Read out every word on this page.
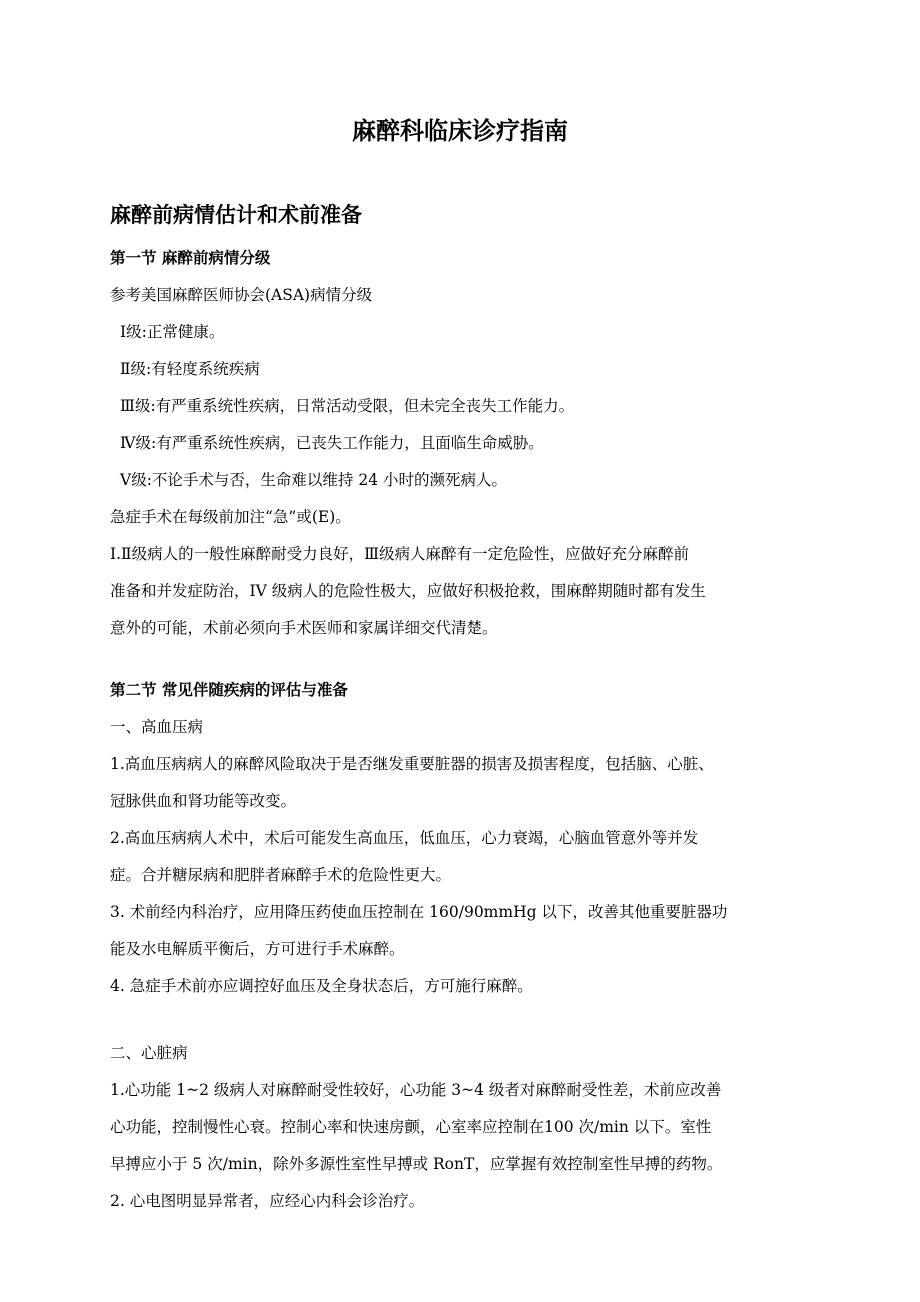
麻醉科临床诊疗指南
麻醉前病情估计和术前准备
第一节 麻醉前病情分级
参考美国麻醉医师协会(ASA)病情分级
Ⅰ级:正常健康。
Ⅱ级:有轻度系统疾病
Ⅲ级:有严重系统性疾病，日常活动受限，但未完全丧失工作能力。
Ⅳ级:有严重系统性疾病，已丧失工作能力，且面临生命威胁。
Ⅴ级:不论手术与否，生命难以维持 24 小时的濒死病人。
急症手术在每级前加注“急”或(E)。
I.Ⅱ级病人的一般性麻醉耐受力良好，Ⅲ级病人麻醉有一定危险性，应做好充分麻醉前
准备和并发症防治，IV 级病人的危险性极大，应做好积极抢救，围麻醉期随时都有发生
意外的可能，术前必须向手术医师和家属详细交代清楚。
第二节 常见伴随疾病的评估与准备
一、高血压病
1.高血压病病人的麻醉风险取决于是否继发重要脏器的损害及损害程度，包括脑、心脏、
冠脉供血和肾功能等改变。
2.高血压病病人术中，术后可能发生高血压，低血压，心力衰竭，心脑血管意外等并发
症。合并糖尿病和肥胖者麻醉手术的危险性更大。
3. 术前经内科治疗，应用降压药使血压控制在 160/90mmHg 以下，改善其他重要脏器功
能及水电解质平衡后，方可进行手术麻醉。
4. 急症手术前亦应调控好血压及全身状态后，方可施行麻醉。
二、心脏病
1.心功能 1~2 级病人对麻醉耐受性较好，心功能 3~4 级者对麻醉耐受性差，术前应改善
心功能，控制慢性心衰。控制心率和快速房颤，心室率应控制在100 次/min 以下。室性
早搏应小于 5 次/min，除外多源性室性早搏或 RonT，应掌握有效控制室性早搏的药物。
2. 心电图明显异常者，应经心内科会诊治疗。
